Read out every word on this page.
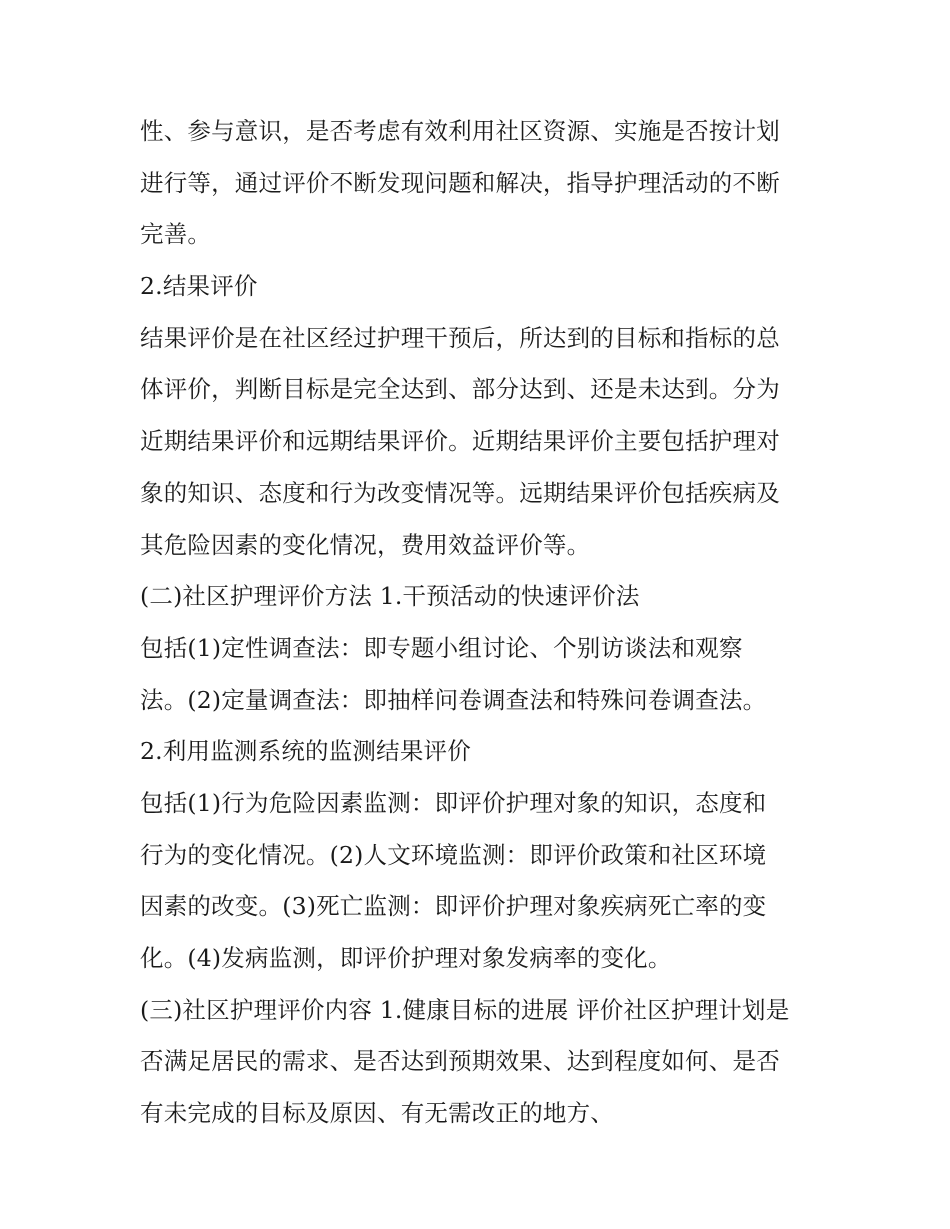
性、参与意识，是否考虑有效利用社区资源、实施是否按计划
进行等，通过评价不断发现问题和解决，指导护理活动的不断
完善。
2.结果评价
结果评价是在社区经过护理干预后，所达到的目标和指标的总
体评价，判断目标是完全达到、部分达到、还是未达到。分为
近期结果评价和远期结果评价。近期结果评价主要包括护理对
象的知识、态度和行为改变情况等。远期结果评价包括疾病及
其危险因素的变化情况，费用效益评价等。
(二)社区护理评价方法 1.干预活动的快速评价法
包括(1)定性调查法：即专题小组讨论、个别访谈法和观察
法。(2)定量调查法：即抽样问卷调查法和特殊问卷调查法。
2.利用监测系统的监测结果评价
包括(1)行为危险因素监测：即评价护理对象的知识，态度和
行为的变化情况。(2)人文环境监测：即评价政策和社区环境
因素的改变。(3)死亡监测：即评价护理对象疾病死亡率的变
化。(4)发病监测，即评价护理对象发病率的变化。
(三)社区护理评价内容 1.健康目标的进展 评价社区护理计划是
否满足居民的需求、是否达到预期效果、达到程度如何、是否
有未完成的目标及原因、有无需改正的地方、
